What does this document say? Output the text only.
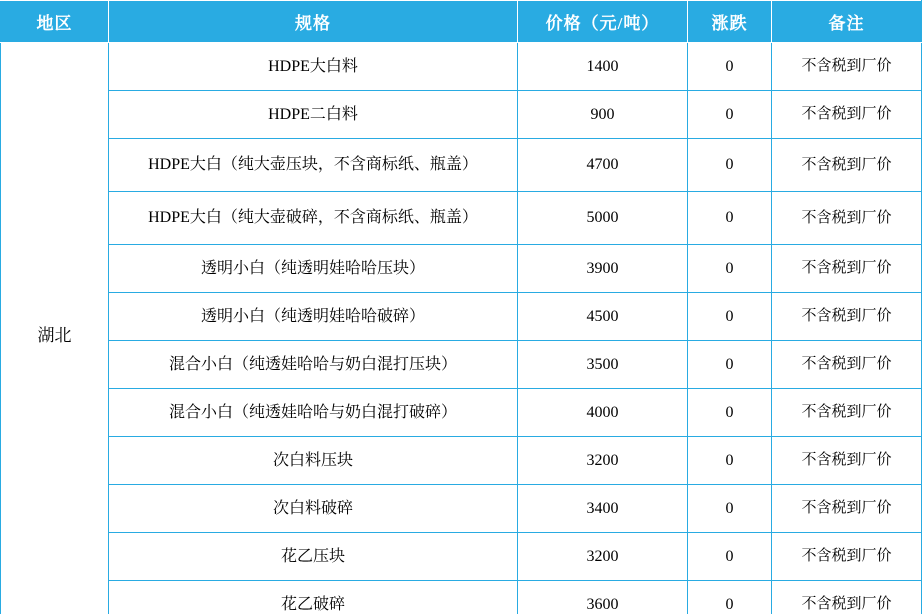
地区	规格	价格（元/吨）	涨跌	备注
湖北	HDPE大白料	1400	0	不含税到厂价
	HDPE二白料	900	0	不含税到厂价
	HDPE大白（纯大壶压块，不含商标纸、瓶盖）	4700	0	不含税到厂价
	HDPE大白（纯大壶破碎，不含商标纸、瓶盖）	5000	0	不含税到厂价
	透明小白（纯透明娃哈哈压块）	3900	0	不含税到厂价
	透明小白（纯透明娃哈哈破碎）	4500	0	不含税到厂价
	混合小白（纯透娃哈哈与奶白混打压块）	3500	0	不含税到厂价
	混合小白（纯透娃哈哈与奶白混打破碎）	4000	0	不含税到厂价
	次白料压块	3200	0	不含税到厂价
	次白料破碎	3400	0	不含税到厂价
	花乙压块	3200	0	不含税到厂价
	花乙破碎	3600	0	不含税到厂价
